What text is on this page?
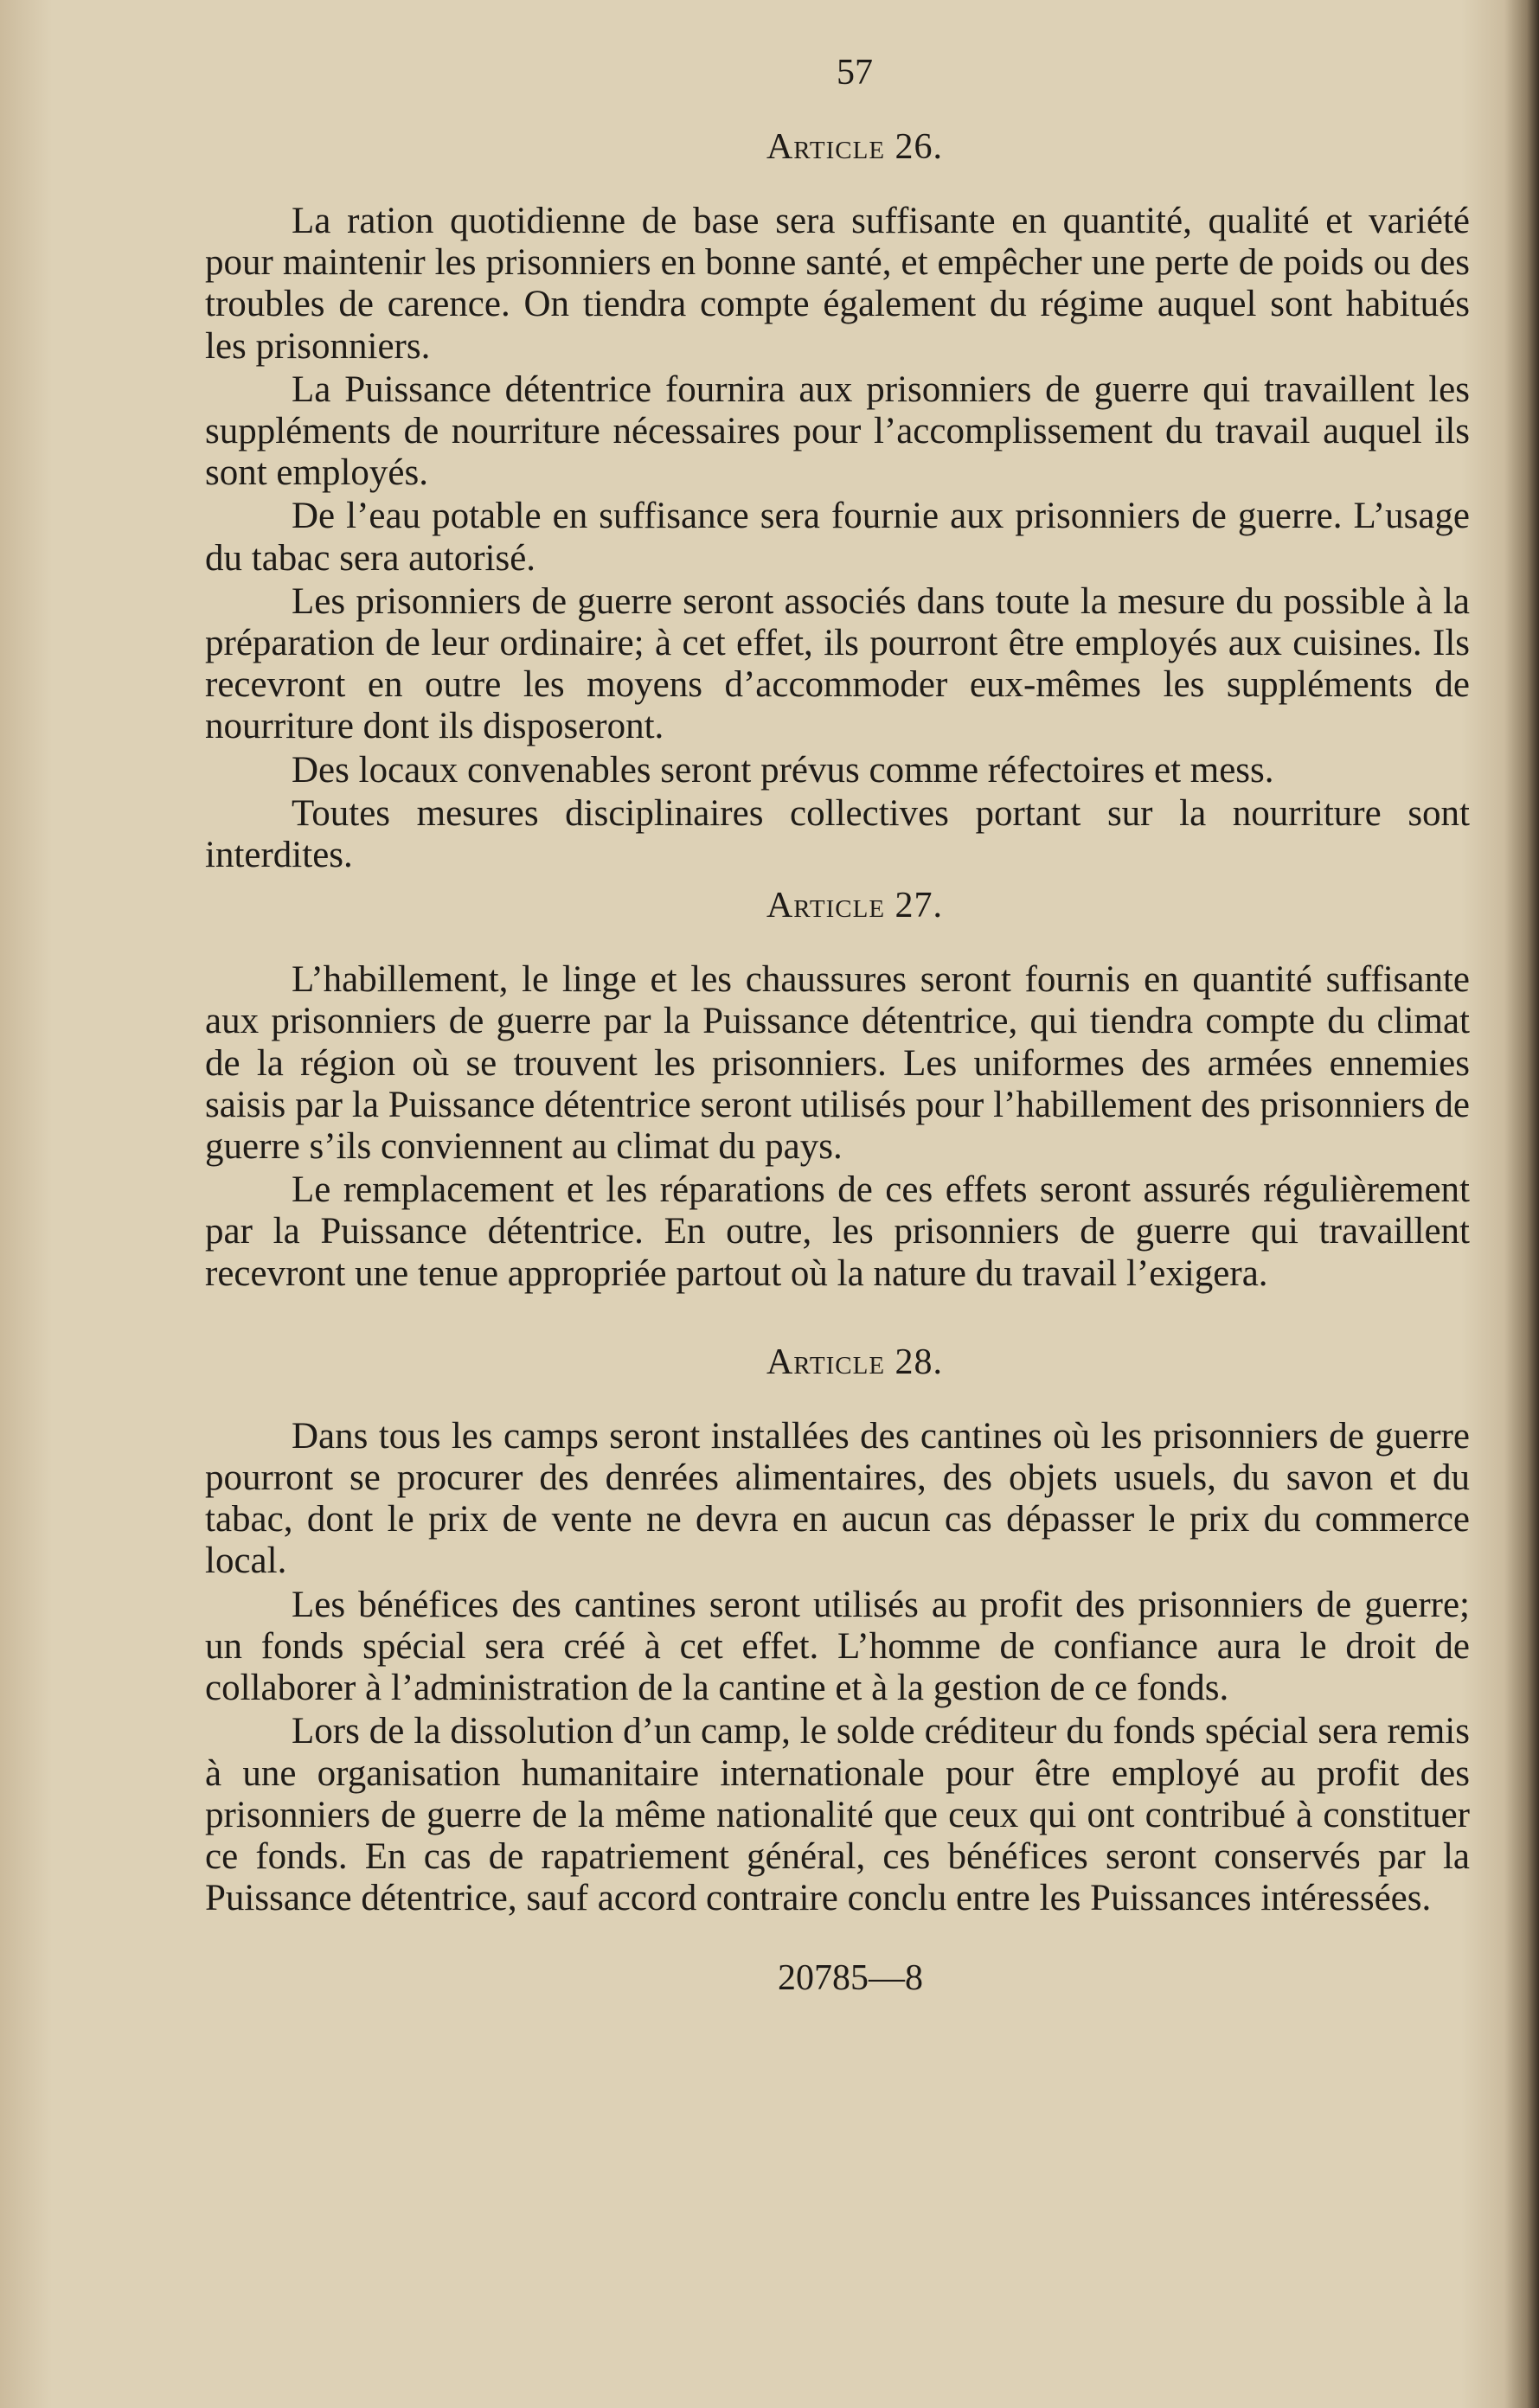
57
Article 26.

La ration quotidienne de base sera suffisante en quantité, qualité et variété pour maintenir les prisonniers en bonne santé, et empêcher une perte de poids ou des troubles de carence. On tiendra compte également du régime auquel sont habitués les prisonniers.

La Puissance détentrice fournira aux prisonniers de guerre qui travaillent les suppléments de nourriture nécessaires pour l’accomplissement du travail auquel ils sont employés.

De l’eau potable en suffisance sera fournie aux prisonniers de guerre. L’usage du tabac sera autorisé.

Les prisonniers de guerre seront associés dans toute la mesure du possible à la préparation de leur ordinaire; à cet effet, ils pourront être employés aux cuisines. Ils recevront en outre les moyens d’accommoder eux-mêmes les suppléments de nourriture dont ils disposeront.

Des locaux convenables seront prévus comme réfectoires et mess.

Toutes mesures disciplinaires collectives portant sur la nourriture sont interdites.

Article 27.

L’habillement, le linge et les chaussures seront fournis en quantité suffisante aux prisonniers de guerre par la Puissance détentrice, qui tiendra compte du climat de la région où se trouvent les prisonniers. Les uniformes des armées ennemies saisis par la Puissance détentrice seront utilisés pour l’habillement des prisonniers de guerre s’ils conviennent au climat du pays.

Le remplacement et les réparations de ces effets seront assurés régulièrement par la Puissance détentrice. En outre, les prisonniers de guerre qui travaillent recevront une tenue appropriée partout où la nature du travail l’exigera.

Article 28.

Dans tous les camps seront installées des cantines où les prisonniers de guerre pourront se procurer des denrées alimentaires, des objets usuels, du savon et du tabac, dont le prix de vente ne devra en aucun cas dépasser le prix du commerce local.

Les bénéfices des cantines seront utilisés au profit des prisonniers de guerre; un fonds spécial sera créé à cet effet. L’homme de confiance aura le droit de collaborer à l’administration de la cantine et à la gestion de ce fonds.

Lors de la dissolution d’un camp, le solde créditeur du fonds spécial sera remis à une organisation humanitaire internationale pour être employé au profit des prisonniers de guerre de la même nationalité que ceux qui ont contribué à constituer ce fonds. En cas de rapatriement général, ces bénéfices seront conservés par la Puissance détentrice, sauf accord contraire conclu entre les Puissances intéressées.

20785—8
